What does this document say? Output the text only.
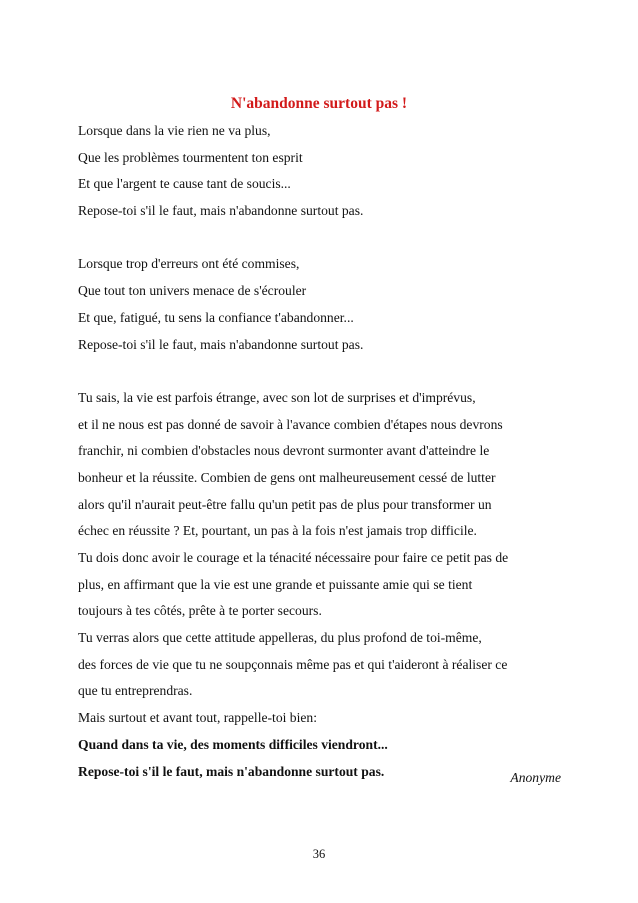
N'abandonne surtout pas !
Lorsque dans la vie rien ne va plus,
Que les problèmes tourmentent ton esprit
Et que l'argent te cause tant de soucis...
Repose-toi s'il le faut, mais n'abandonne surtout pas.
Lorsque trop d'erreurs ont été commises,
Que tout ton univers menace de s'écrouler
Et que, fatigué, tu sens la confiance t'abandonner...
Repose-toi s'il le faut, mais n'abandonne surtout pas.
Tu sais, la vie est parfois étrange, avec son lot de surprises et d'imprévus,
et il ne nous est pas donné de savoir à l'avance combien d'étapes nous devrons
franchir, ni combien d'obstacles nous devront surmonter avant d'atteindre le
bonheur et la réussite. Combien de gens ont malheureusement cessé de lutter
alors qu'il n'aurait peut-être fallu qu'un petit pas de plus pour transformer un
échec en réussite ? Et, pourtant, un pas à la fois n'est jamais trop difficile.
Tu dois donc avoir le courage et la ténacité nécessaire pour faire ce petit pas de
plus, en affirmant que la vie est une grande et puissante amie qui se tient
toujours à tes côtés, prête à te porter secours.
Tu verras alors que cette attitude appelleras, du plus profond de toi-même,
des forces de vie que tu ne soupçonnais même pas et qui t'aideront à réaliser ce
que tu entreprendras.
Mais surtout et avant tout, rappelle-toi bien:
Quand dans ta vie, des moments difficiles viendront...
Repose-toi s'il le faut, mais n'abandonne surtout pas.	Anonyme
36
